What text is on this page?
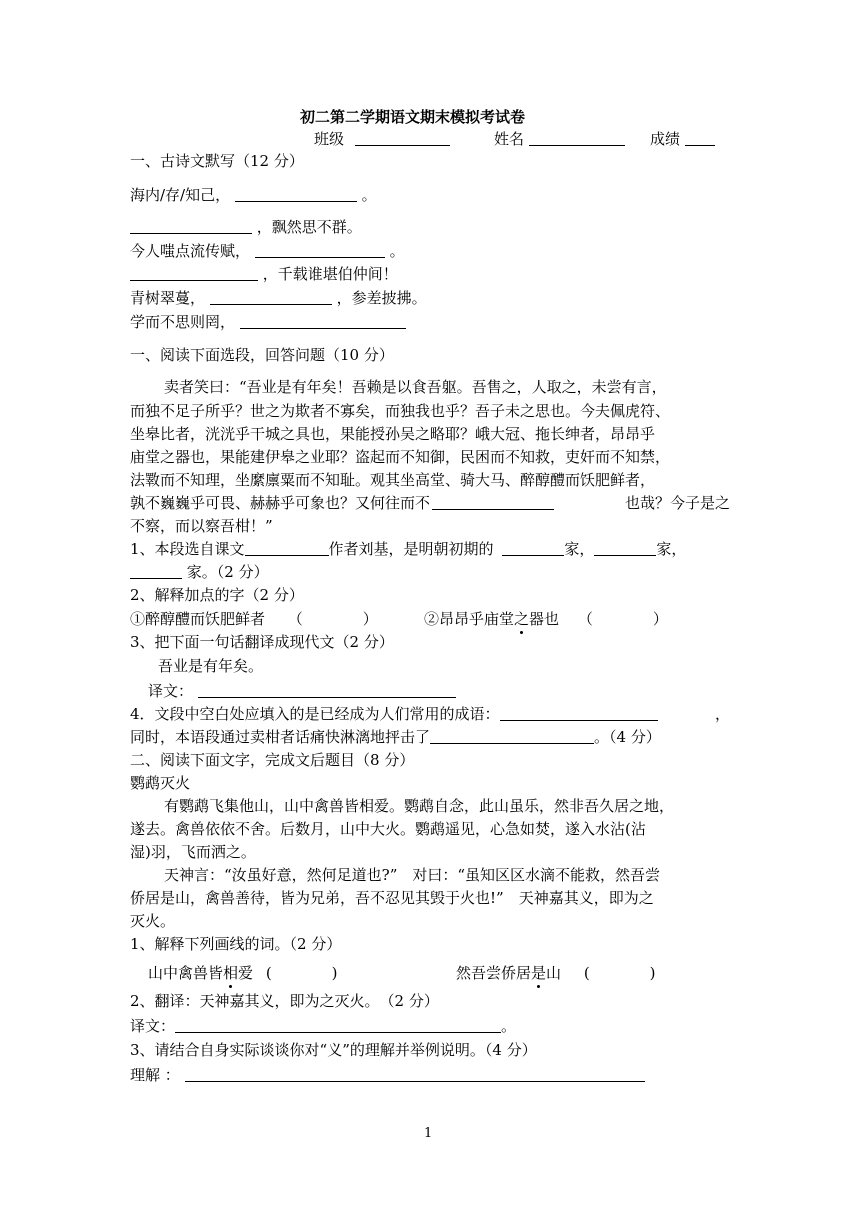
初二第二学期语文期末模拟考试卷
班级	姓名	成绩
一、古诗文默写（12 分）
海内/存/知己，	。
，飘然思不群。
今人嗤点流传赋，	。
，千载谁堪伯仲间！
青树翠蔓，	，参差披拂。
学而不思则罔，
一、阅读下面选段，回答问题（10 分）
卖者笑曰：“吾业是有年矣！吾赖是以食吾躯。吾售之，人取之，未尝有言，
而独不足子所乎？世之为欺者不寡矣，而独我也乎？吾子未之思也。今夫佩虎符、
坐皋比者，洸洸乎干城之具也，果能授孙吴之略耶？峨大冠、拖长绅者，昂昂乎
庙堂之器也，果能建伊皋之业耶？盗起而不知御，民困而不知救，吏奸而不知禁，
法斁而不知理，坐縻廪粟而不知耻。观其坐高堂、骑大马、醉醇醴而饫肥鲜者，
孰不巍巍乎可畏、赫赫乎可象也？又何往而不	也哉？今子是之
不察，而以察吾柑！”
1、本段选自课文	作者刘基，是明朝初期的	家，	家，
家。（2 分）
2、解释加点的字（2 分）
①醉醇醴而饫肥鲜者 （　　　　）	②昂昂乎庙堂之器也 （　　　　）
3、把下面一句话翻译成现代文（2 分）
吾业是有年矣。
译文：
4．文段中空白处应填入的是已经成为人们常用的成语：	，
同时，本语段通过卖柑者话痛快淋漓地抨击了	。（4 分）
二、阅读下面文字，完成文后题目（8 分）
鹦鹉灭火
有鹦鹉飞集他山，山中禽兽皆相爱。鹦鹉自念，此山虽乐，然非吾久居之地，
遂去。禽兽依依不舍。后数月，山中大火。鹦鹉遥见，心急如焚，遂入水沾(沾
湿)羽，飞而洒之。
天神言：“汝虽好意，然何足道也?”　对曰：“虽知区区水滴不能救，然吾尝
侨居是山，禽兽善待，皆为兄弟，吾不忍见其毁于火也!”　天神嘉其义，即为之
灭火。
1、解释下列画线的词。（2 分）
山中禽兽皆相爱 (　　　　)	然吾尝侨居是山 (　　　　)
2、翻译：天神嘉其义，即为之灭火。　（2 分）
译文：	。
3、请结合自身实际谈谈你对“义”的理解并举例说明。（4 分）
理解 ：
1
